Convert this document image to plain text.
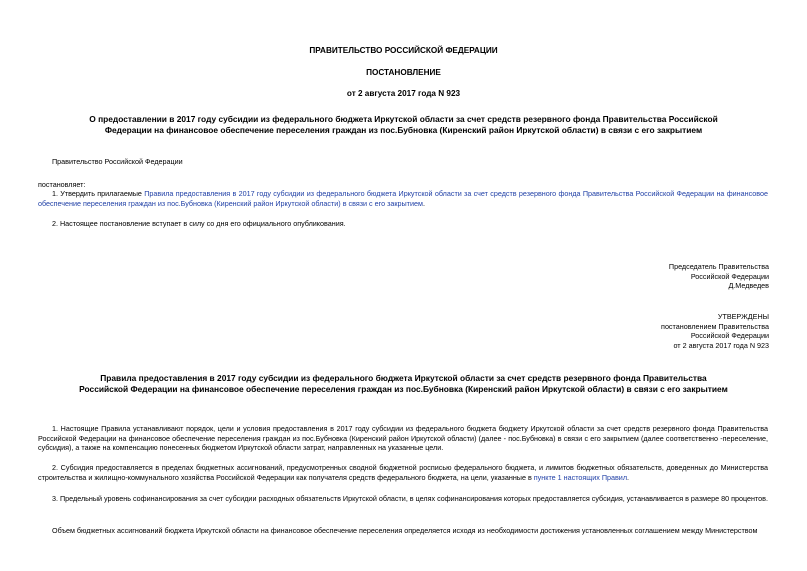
ПРАВИТЕЛЬСТВО РОССИЙСКОЙ ФЕДЕРАЦИИ
ПОСТАНОВЛЕНИЕ
от 2 августа 2017 года N 923
О предоставлении в 2017 году субсидии из федерального бюджета Иркутской области за счет средств резервного фонда Правительства Российской
Федерации на финансовое обеспечение переселения граждан из пос.Бубновка (Киренский район Иркутской области) в связи с его закрытием
Правительство Российской Федерации
постановляет:
1. Утвердить прилагаемые Правила предоставления в 2017 году субсидии из федерального бюджета Иркутской области за счет средств резервного фонда Правительства Российской Федерации на финансовое обеспечение переселения граждан из пос.Бубновка (Киренский район Иркутской области) в связи с его закрытием.
2. Настоящее постановление вступает в силу со дня его официального опубликования.
Председатель Правительства
Российской Федерации
Д.Медведев
УТВЕРЖДЕНЫ
постановлением Правительства
Российской Федерации
от 2 августа 2017 года N 923
Правила предоставления в 2017 году субсидии из федерального бюджета Иркутской области за счет средств резервного фонда Правительства
Российской Федерации на финансовое обеспечение переселения граждан из пос.Бубновка (Киренский район Иркутской области) в связи с его закрытием
1. Настоящие Правила устанавливают порядок, цели и условия предоставления в 2017 году субсидии из федерального бюджета бюджету Иркутской области за счет средств резервного фонда Правительства Российской Федерации на финансовое обеспечение переселения граждан из пос.Бубновка (Киренский район Иркутской области) (далее - пос.Бубновка) в связи с его закрытием (далее соответственно -переселение, субсидия), а также на компенсацию понесенных бюджетом Иркутской области затрат, направленных на указанные цели.
2. Субсидия предоставляется в пределах бюджетных ассигнований, предусмотренных сводной бюджетной росписью федерального бюджета, и лимитов бюджетных обязательств, доведенных до Министерства строительства и жилищно-коммунального хозяйства Российской Федерации как получателя средств федерального бюджета, на цели, указанные в пункте 1 настоящих Правил.
3. Предельный уровень софинансирования за счет субсидии расходных обязательств Иркутской области, в целях софинансирования которых предоставляется субсидия, устанавливается в размере 80 процентов.
Объем бюджетных ассигнований бюджета Иркутской области на финансовое обеспечение переселения определяется исходя из необходимости достижения установленных соглашением между Министерством
